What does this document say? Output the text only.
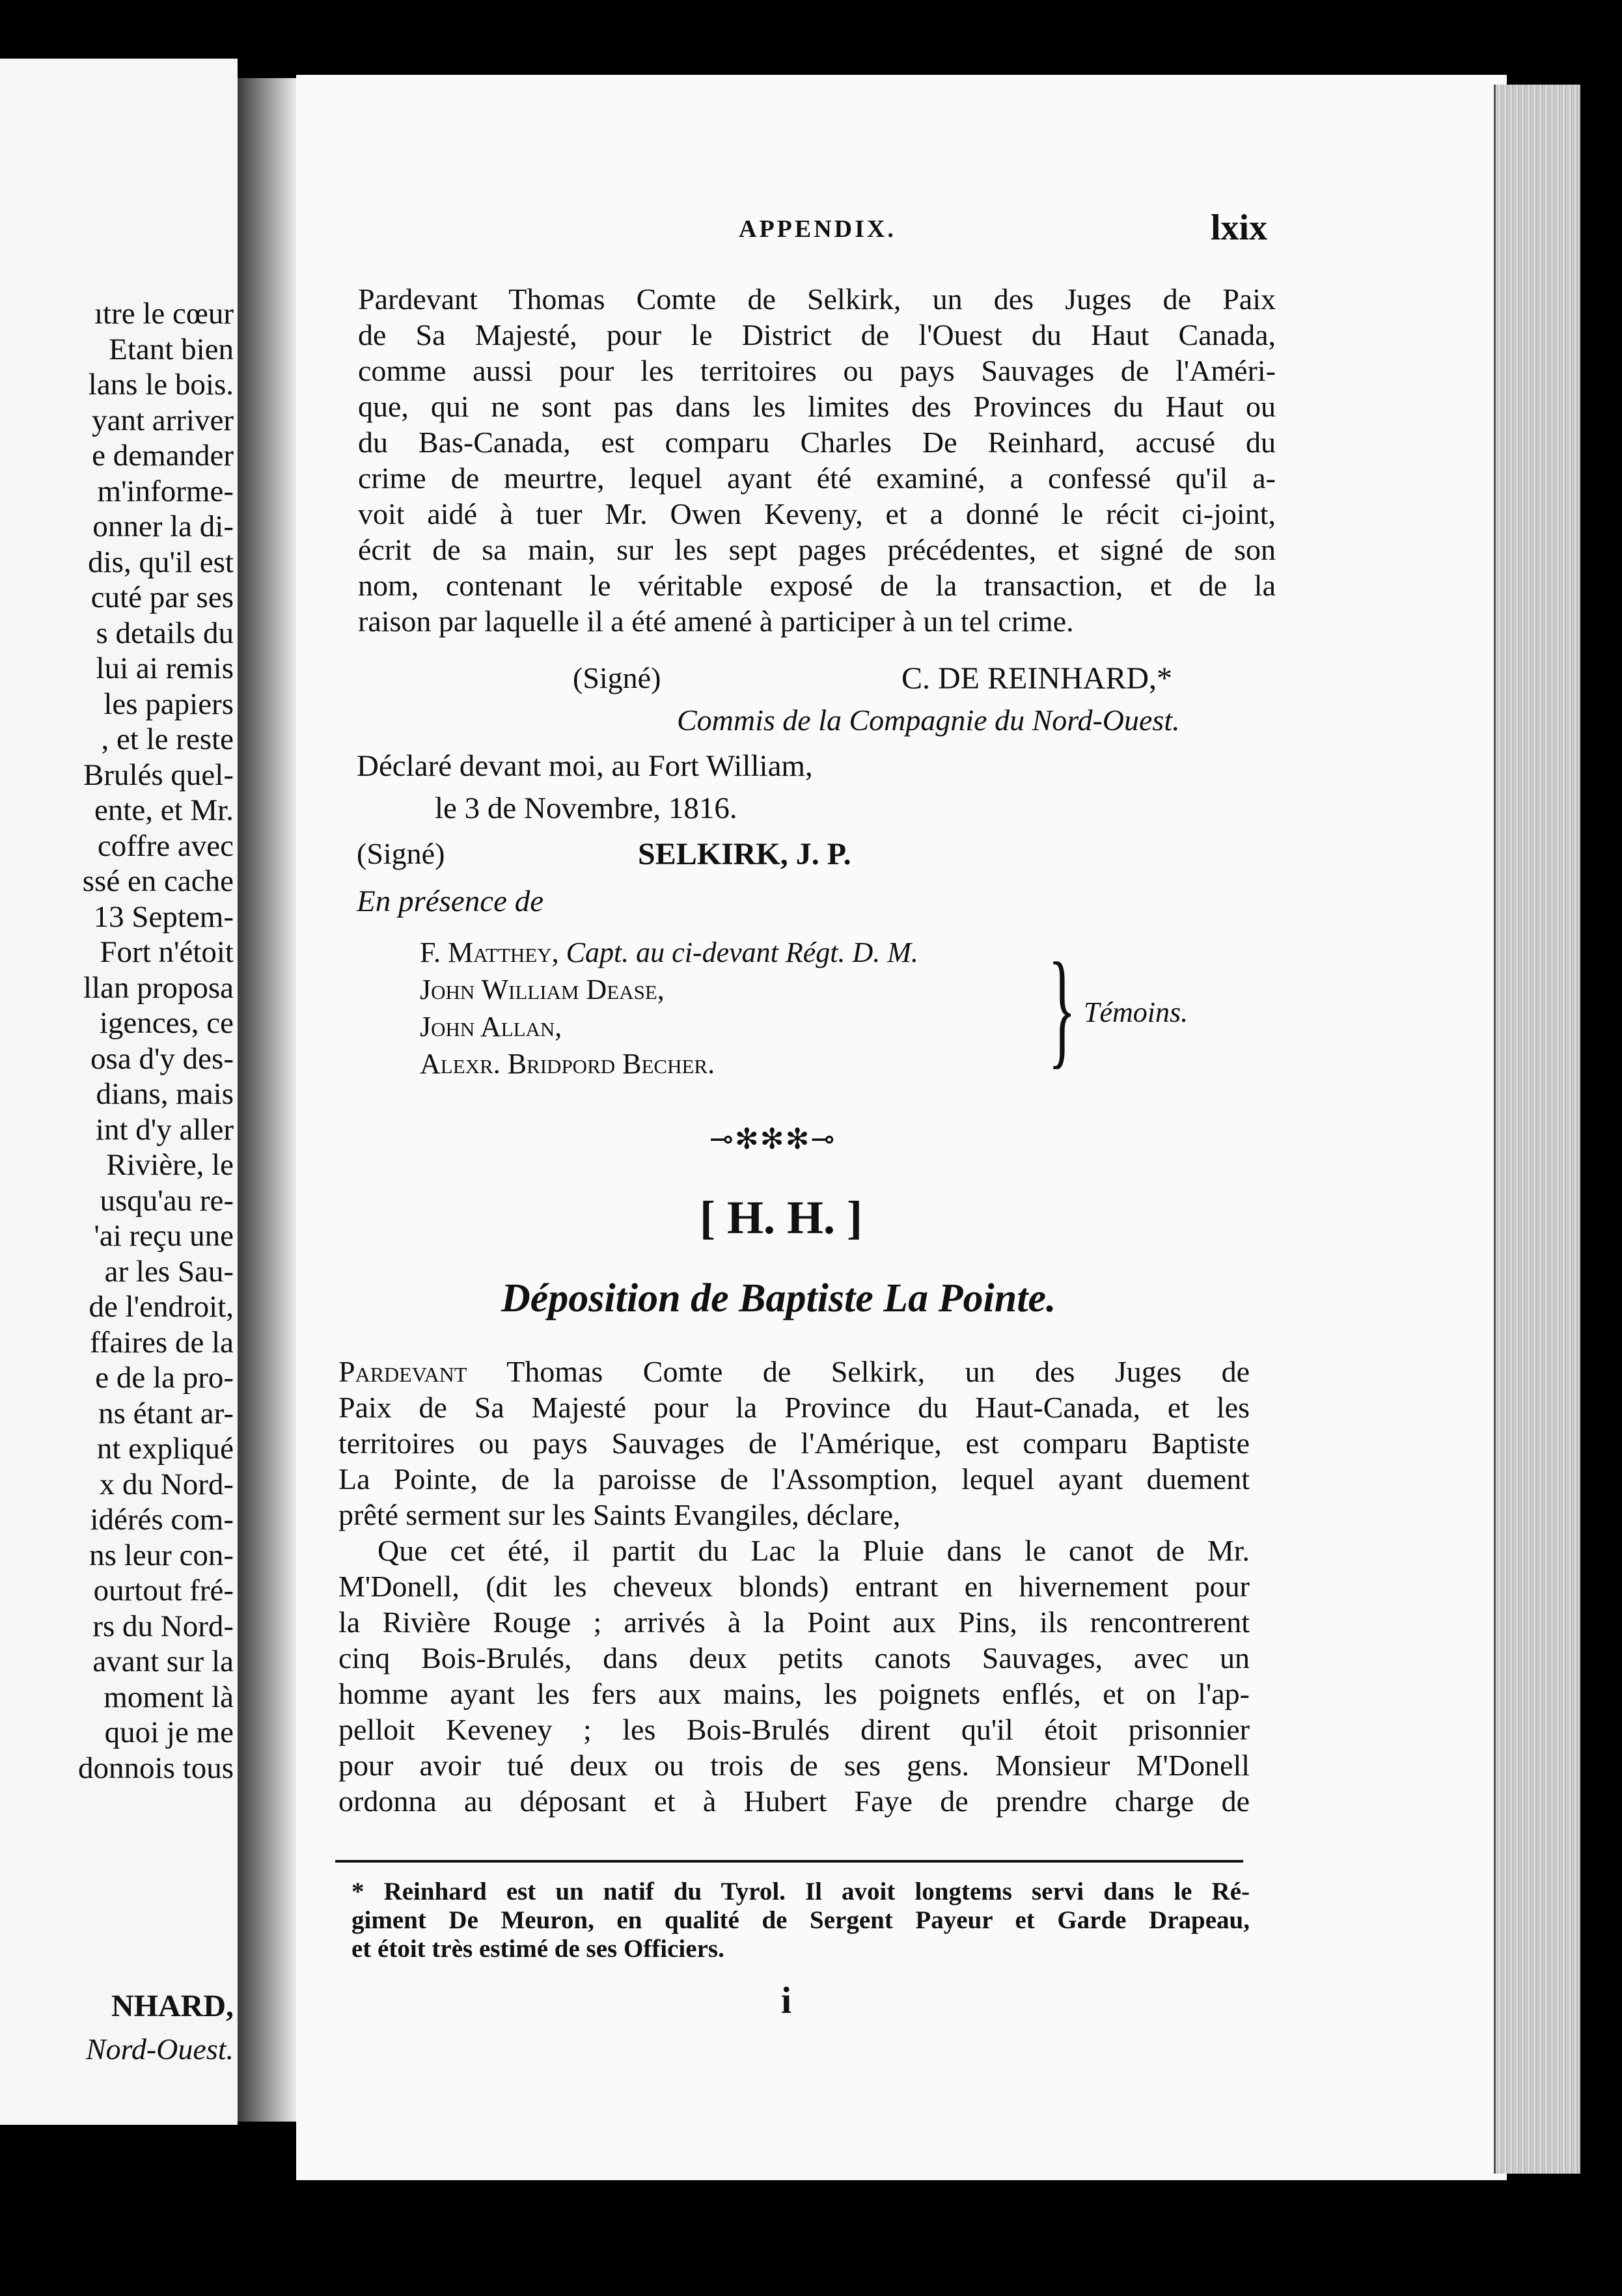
ıtre le cœur
Etant bien
lans le bois.
yant arriver
e demander
m'informe-
onner la di-
dis, qu'il est
cuté par ses
s details du
lui ai remis
les papiers
, et le reste
Brulés quel-
ente, et Mr.
coffre avec
ssé en cache
13 Septem-
Fort n'étoit
llan proposa
igences, ce
osa d'y des-
dians, mais
int d'y aller
Rivière, le
usqu'au re-
'ai reçu une
ar les Sau-
de l'endroit,
ffaires de la
e de la pro-
ns étant ar-
nt expliqué
x du Nord-
idérés com-
ns leur con-
ourtout fré-
rs du Nord-
avant sur la
moment là
quoi je me
donnois tous
NHARD,
Nord-Ouest.
APPENDIX.	lxix
Pardevant Thomas Comte de Selkirk, un des Juges de Paix
de Sa Majesté, pour le District de l'Ouest du Haut Canada,
comme aussi pour les territoires ou pays Sauvages de l'Améri-
que, qui ne sont pas dans les limites des Provinces du Haut ou
du Bas-Canada, est comparu Charles De Reinhard, accusé du
crime de meurtre, lequel ayant été examiné, a confessé qu'il a-
voit aidé à tuer Mr. Owen Keveny, et a donné le récit ci-joint,
écrit de sa main, sur les sept pages précédentes, et signé de son
nom, contenant le véritable exposé de la transaction, et de la
raison par laquelle il a été amené à participer à un tel crime.
(Signé)	C. DE REINHARD,*
Commis de la Compagnie du Nord-Ouest.
Déclaré devant moi, au Fort William,
le 3 de Novembre, 1816.
(Signé)	SELKIRK, J. P.
En présence de
F. Matthey, Capt. au ci-devant Régt. D. M.
John William Dease,
John Allan,
Alexr. Bridpord Becher.	} Témoins.
⊸✻✻✻⊸
[ H. H. ]
Déposition de Baptiste La Pointe.
Pardevant Thomas Comte de Selkirk, un des Juges de
Paix de Sa Majesté pour la Province du Haut-Canada, et les
territoires ou pays Sauvages de l'Amérique, est comparu Baptiste
La Pointe, de la paroisse de l'Assomption, lequel ayant duement
prêté serment sur les Saints Evangiles, déclare,
Que cet été, il partit du Lac la Pluie dans le canot de Mr.
M'Donell, (dit les cheveux blonds) entrant en hivernement pour
la Rivière Rouge ; arrivés à la Point aux Pins, ils rencontrerent
cinq Bois-Brulés, dans deux petits canots Sauvages, avec un
homme ayant les fers aux mains, les poignets enflés, et on l'ap-
pelloit Keveney ; les Bois-Brulés dirent qu'il étoit prisonnier
pour avoir tué deux ou trois de ses gens. Monsieur M'Donell
ordonna au déposant et à Hubert Faye de prendre charge de
* Reinhard est un natif du Tyrol. Il avoit longtems servi dans le Ré-
giment De Meuron, en qualité de Sergent Payeur et Garde Drapeau,
et étoit très estimé de ses Officiers.
i
